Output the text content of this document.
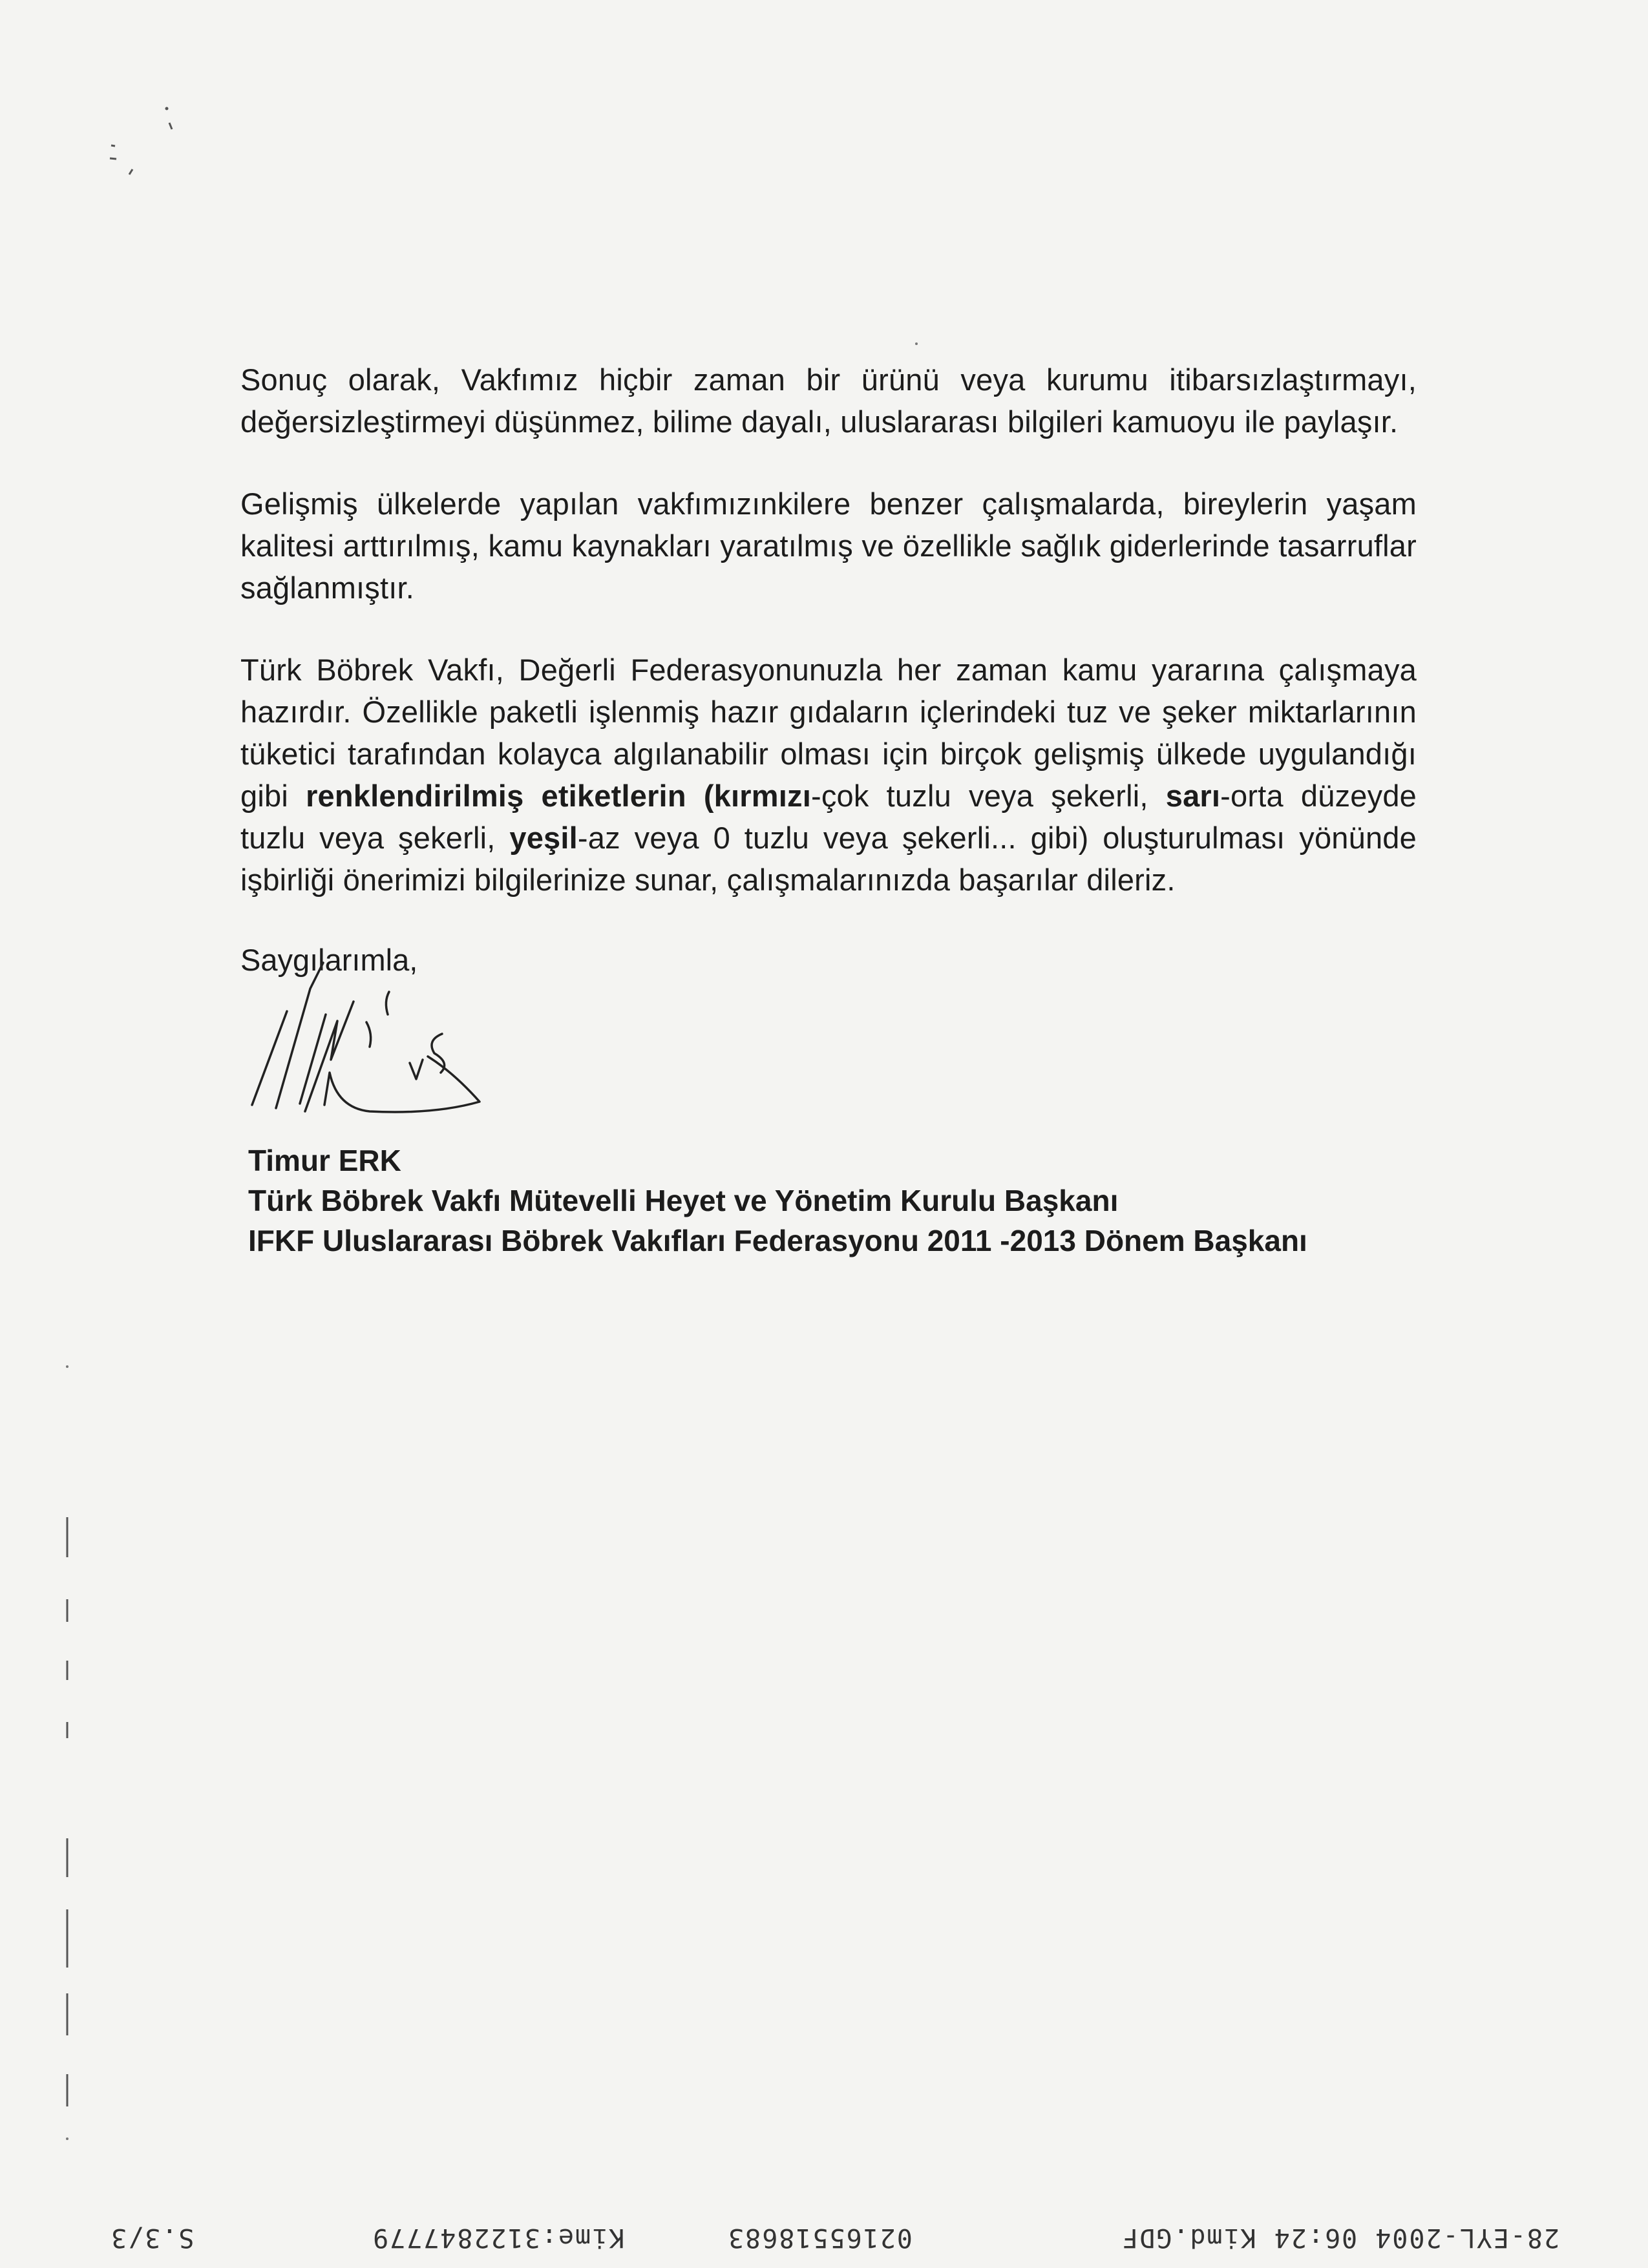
Sonuç olarak, Vakfımız hiçbir zaman bir ürünü veya kurumu itibarsızlaştırmayı, değersizleştirmeyi düşünmez, bilime dayalı, uluslararası bilgileri kamuoyu ile paylaşır.

Gelişmiş ülkelerde yapılan vakfımızınkilere benzer çalışmalarda, bireylerin yaşam kalitesi arttırılmış, kamu kaynakları yaratılmış ve özellikle sağlık giderlerinde tasarruflar sağlanmıştır.

Türk Böbrek Vakfı, Değerli Federasyonunuzla her zaman kamu yararına çalışmaya hazırdır. Özellikle paketli işlenmiş hazır gıdaların içlerindeki tuz ve şeker miktarlarının tüketici tarafından kolayca algılanabilir olması için birçok gelişmiş ülkede uygulandığı gibi renklendirilmiş etiketlerin (kırmızı-çok tuzlu veya şekerli, sarı-orta düzeyde tuzlu veya şekerli, yeşil-az veya 0 tuzlu veya şekerli... gibi) oluşturulması yönünde işbirliği önerimizi bilgilerinize sunar, çalışmalarınızda başarılar dileriz.

Saygılarımla,

Timur ERK

Türk Böbrek Vakfı Mütevelli Heyet ve Yönetim Kurulu Başkanı

IFKF Uluslararası Böbrek Vakıfları Federasyonu 2011 -2013 Dönem Başkanı

S.3/3	Kime:3122847779	02165518683	28-EYL-2004 06:24 Kimd.GDF
